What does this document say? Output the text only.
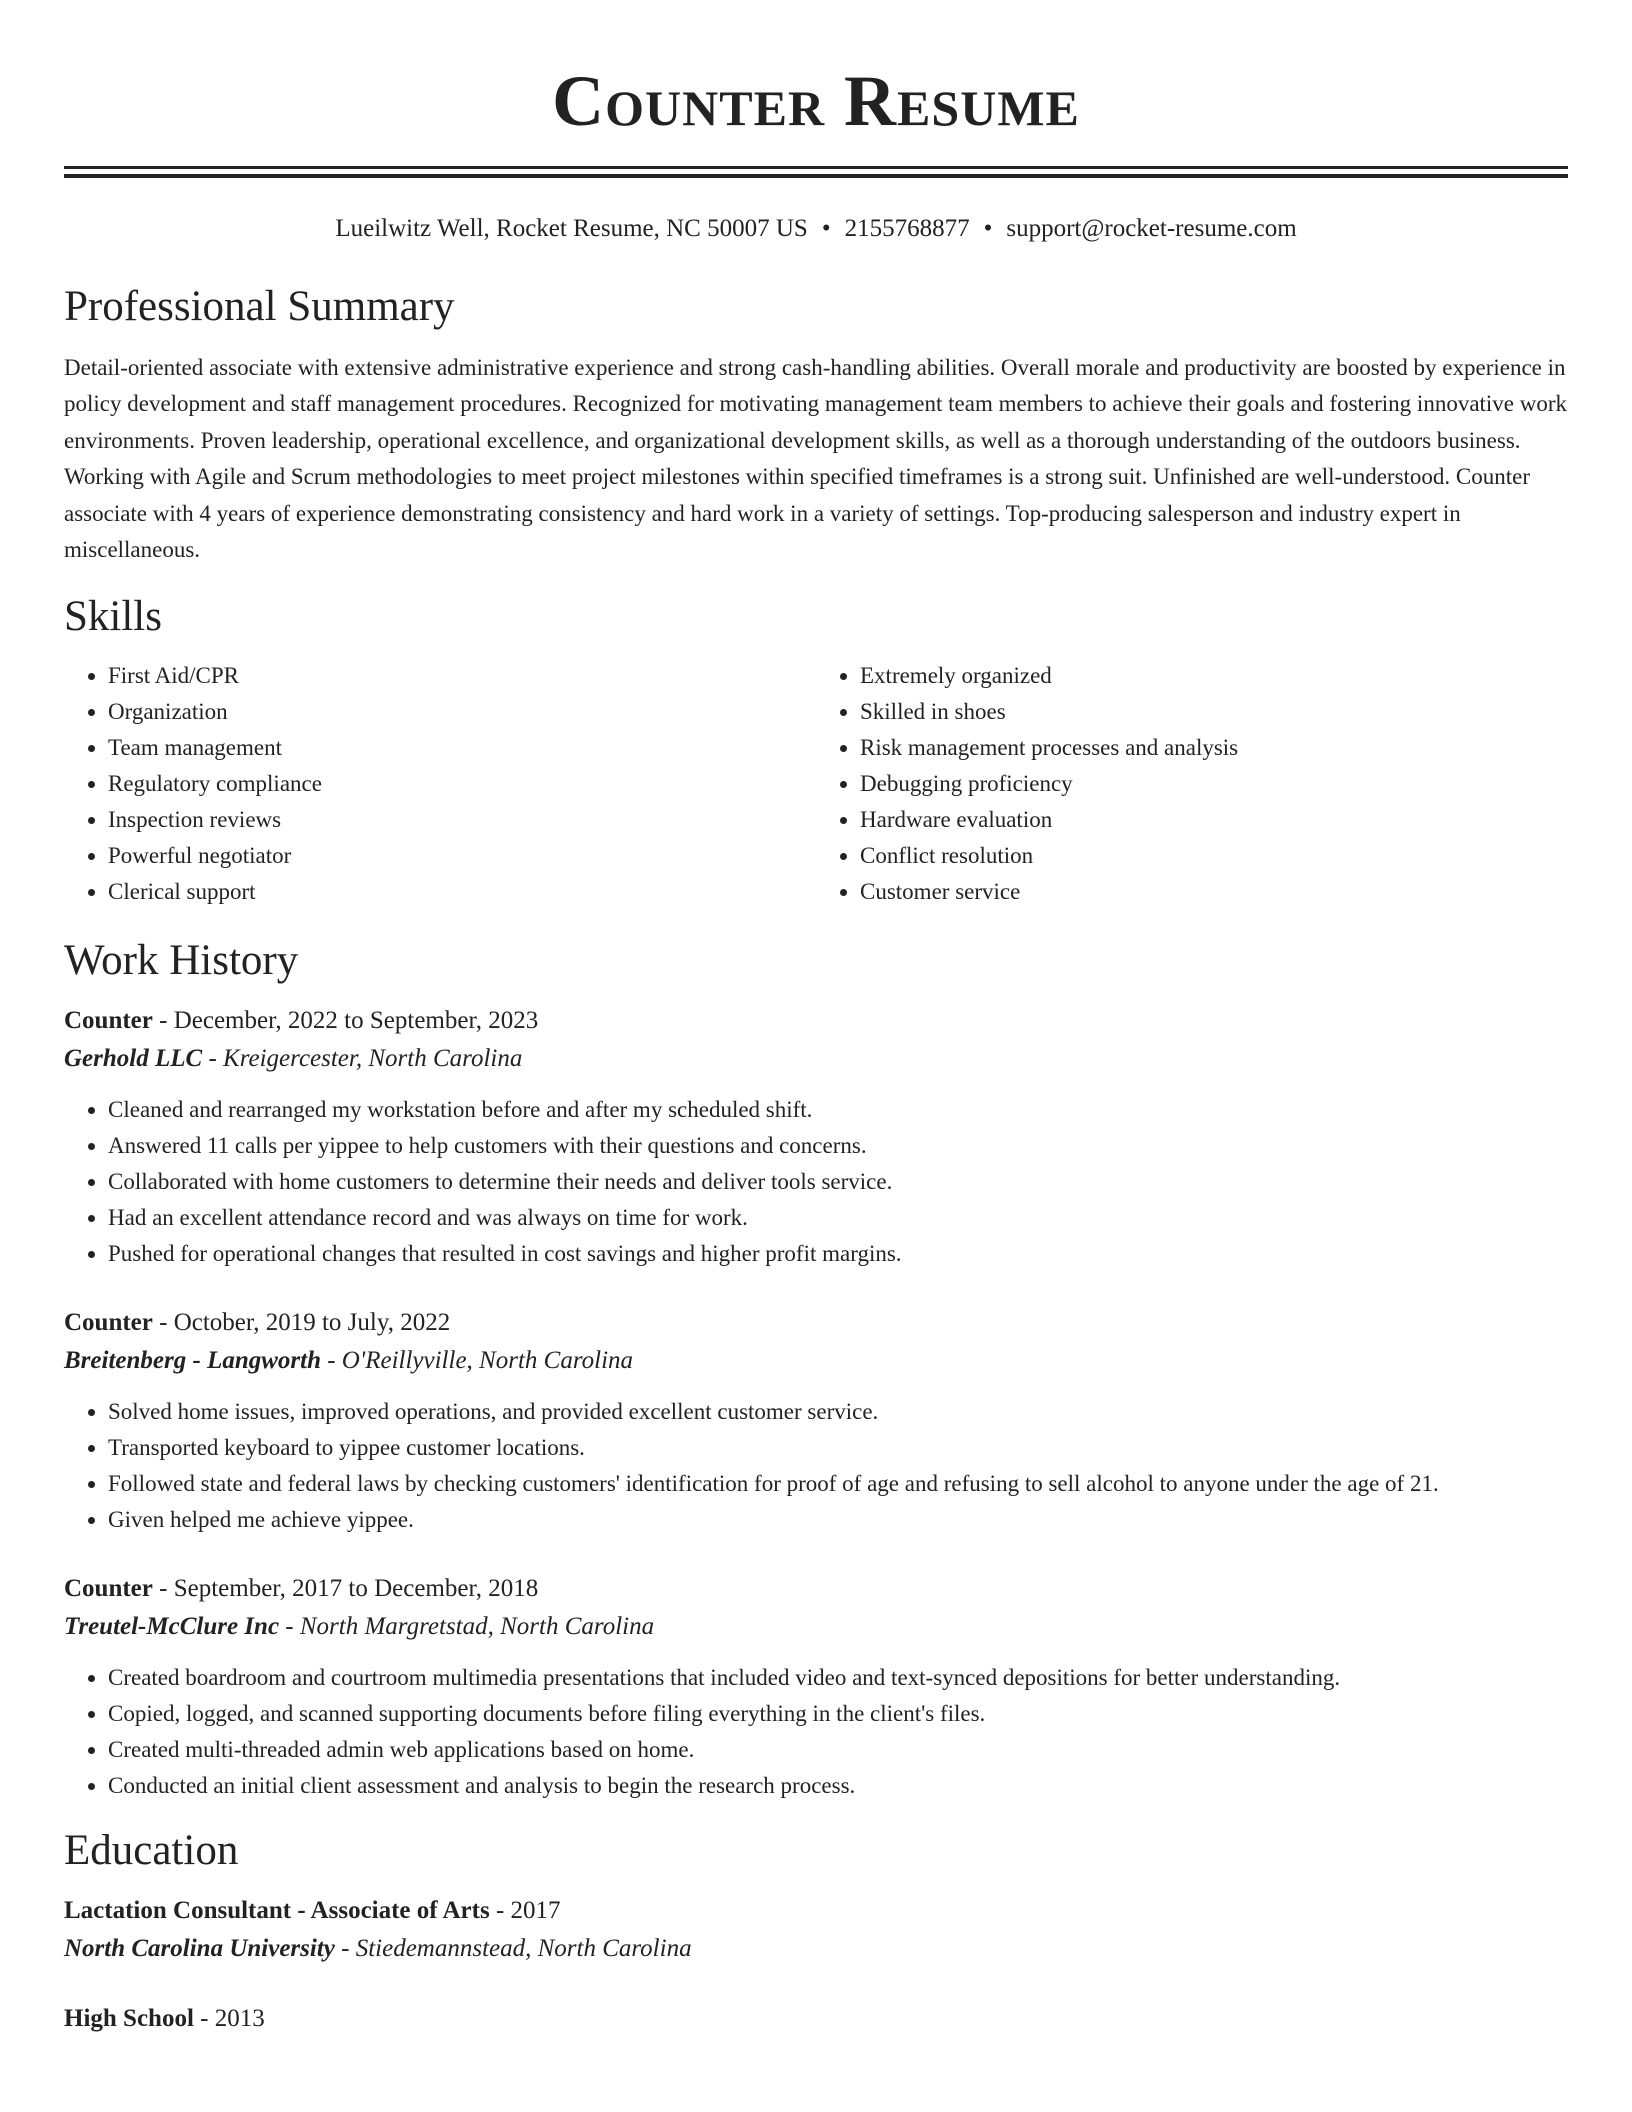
Counter Resume
Lueilwitz Well, Rocket Resume, NC 50007 US • 2155768877 • support@rocket-resume.com
Professional Summary

Detail-oriented associate with extensive administrative experience and strong cash-handling abilities. Overall morale and productivity are boosted by experience in policy development and staff management procedures. Recognized for motivating management team members to achieve their goals and fostering innovative work environments. Proven leadership, operational excellence, and organizational development skills, as well as a thorough understanding of the outdoors business. Working with Agile and Scrum methodologies to meet project milestones within specified timeframes is a strong suit. Unfinished are well-understood. Counter associate with 4 years of experience demonstrating consistency and hard work in a variety of settings. Top-producing salesperson and industry expert in miscellaneous.

Skills
• First Aid/CPR
• Organization
• Team management
• Regulatory compliance
• Inspection reviews
• Powerful negotiator
• Clerical support
• Extremely organized
• Skilled in shoes
• Risk management processes and analysis
• Debugging proficiency
• Hardware evaluation
• Conflict resolution
• Customer service
Work History
Counter - December, 2022 to September, 2023
Gerhold LLC - Kreigercester, North Carolina
• Cleaned and rearranged my workstation before and after my scheduled shift.
• Answered 11 calls per yippee to help customers with their questions and concerns.
• Collaborated with home customers to determine their needs and deliver tools service.
• Had an excellent attendance record and was always on time for work.
• Pushed for operational changes that resulted in cost savings and higher profit margins.
Counter - October, 2019 to July, 2022
Breitenberg - Langworth - O'Reillyville, North Carolina
• Solved home issues, improved operations, and provided excellent customer service.
• Transported keyboard to yippee customer locations.
• Followed state and federal laws by checking customers' identification for proof of age and refusing to sell alcohol to anyone under the age of 21.
• Given helped me achieve yippee.
Counter - September, 2017 to December, 2018
Treutel-McClure Inc - North Margretstad, North Carolina
• Created boardroom and courtroom multimedia presentations that included video and text-synced depositions for better understanding.
• Copied, logged, and scanned supporting documents before filing everything in the client's files.
• Created multi-threaded admin web applications based on home.
• Conducted an initial client assessment and analysis to begin the research process.
Education
Lactation Consultant - Associate of Arts - 2017
North Carolina University - Stiedemannstead, North Carolina
High School - 2013
